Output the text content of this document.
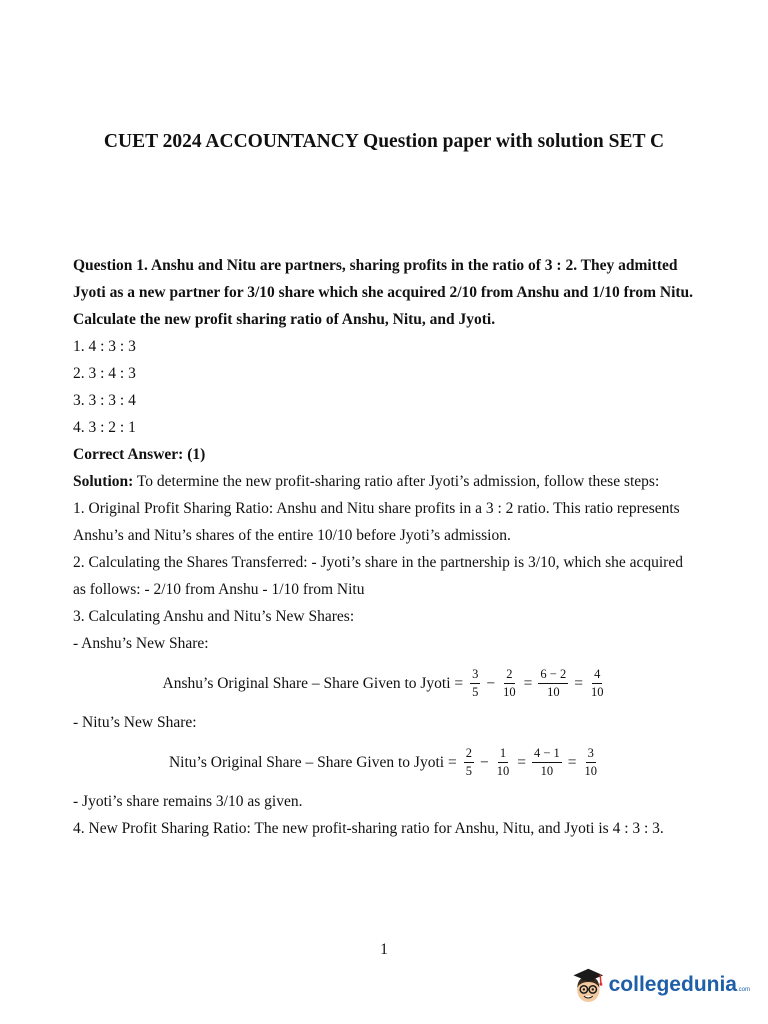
CUET 2024 ACCOUNTANCY Question paper with solution SET C

Question 1. Anshu and Nitu are partners, sharing profits in the ratio of 3 : 2. They admitted Jyoti as a new partner for 3/10 share which she acquired 2/10 from Anshu and 1/10 from Nitu. Calculate the new profit sharing ratio of Anshu, Nitu, and Jyoti.

1. 4 : 3 : 3

2. 3 : 4 : 3

3. 3 : 3 : 4

4. 3 : 2 : 1

Correct Answer: (1)

Solution: To determine the new profit-sharing ratio after Jyoti’s admission, follow these steps:

1. Original Profit Sharing Ratio: Anshu and Nitu share profits in a 3 : 2 ratio. This ratio represents Anshu’s and Nitu’s shares of the entire 10/10 before Jyoti’s admission.

2. Calculating the Shares Transferred: - Jyoti’s share in the partnership is 3/10, which she acquired as follows: - 2/10 from Anshu - 1/10 from Nitu

3. Calculating Anshu and Nitu’s New Shares:

- Anshu’s New Share:

Anshu’s Original Share – Share Given to Jyoti = $\frac{3}{5} - \frac{2}{10} = \frac{6 - 2}{10} = \frac{4}{10}$

- Nitu’s New Share:

Nitu’s Original Share – Share Given to Jyoti = $\frac{2}{5} - \frac{1}{10} = \frac{4 - 1}{10} = \frac{3}{10}$

- Jyoti’s share remains 3/10 as given.

4. New Profit Sharing Ratio: The new profit-sharing ratio for Anshu, Nitu, and Jyoti is 4 : 3 : 3.

1
collegedunia .com
